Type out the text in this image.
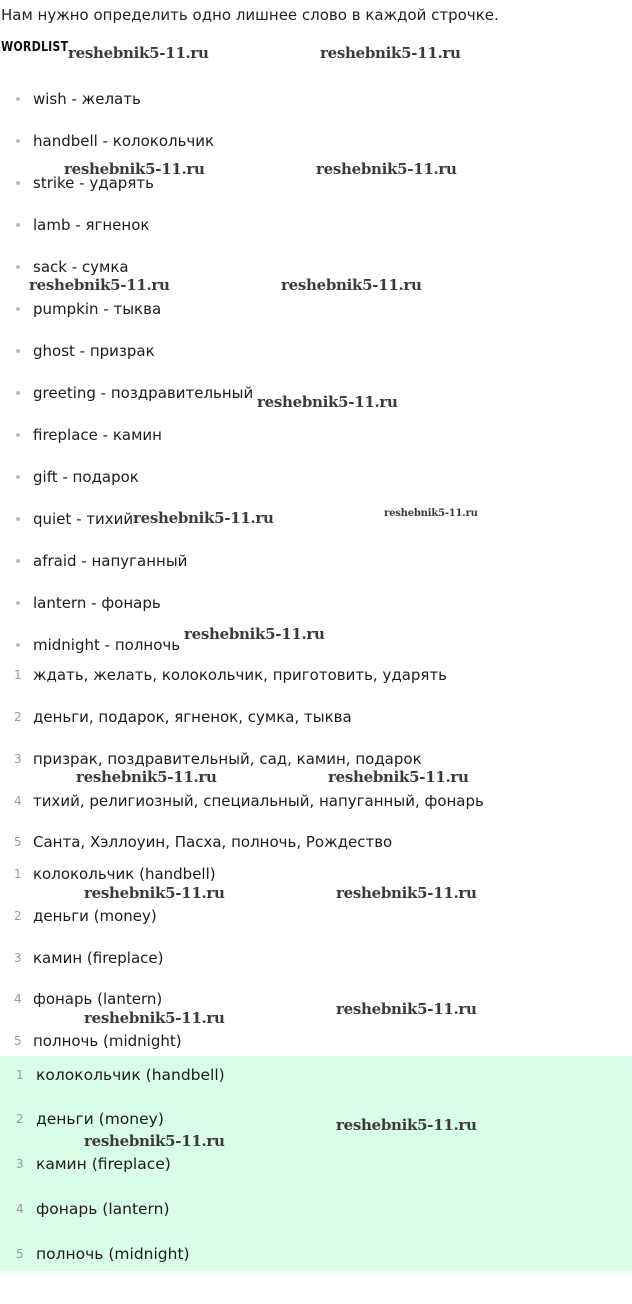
Нам нужно определить одно лишнее слово в каждой строчке.
WORDLIST
wish - желать
handbell - колокольчик
strike - ударять
lamb - ягненок
sack - сумка
pumpkin - тыква
ghost - призрак
greeting - поздравительный
fireplace - камин
gift - подарок
quiet - тихий
afraid - напуганный
lantern - фонарь
midnight - полночь
1 ждать, желать, колокольчик, приготовить, ударять
2 деньги, подарок, ягненок, сумка, тыква
3 призрак, поздравительный, сад, камин, подарок
4 тихий, религиозный, специальный, напуганный, фонарь
5 Санта, Хэллоуин, Пасха, полночь, Рождество
1 колокольчик (handbell)
2 деньги (money)
3 камин (fireplace)
4 фонарь (lantern)
5 полночь (midnight)
1 колокольчик (handbell)
2 деньги (money)
3 камин (fireplace)
4 фонарь (lantern)
5 полночь (midnight)
reshebnik5-11.ru	reshebnik5-11.ru
reshebnik5-11.ru	reshebnik5-11.ru
reshebnik5-11.ru	reshebnik5-11.ru
reshebnik5-11.ru
reshebnik5-11.ru	reshebnik5-11.ru
reshebnik5-11.ru
reshebnik5-11.ru	reshebnik5-11.ru
reshebnik5-11.ru	reshebnik5-11.ru
reshebnik5-11.ru	reshebnik5-11.ru
reshebnik5-11.ru
reshebnik5-11.ru
